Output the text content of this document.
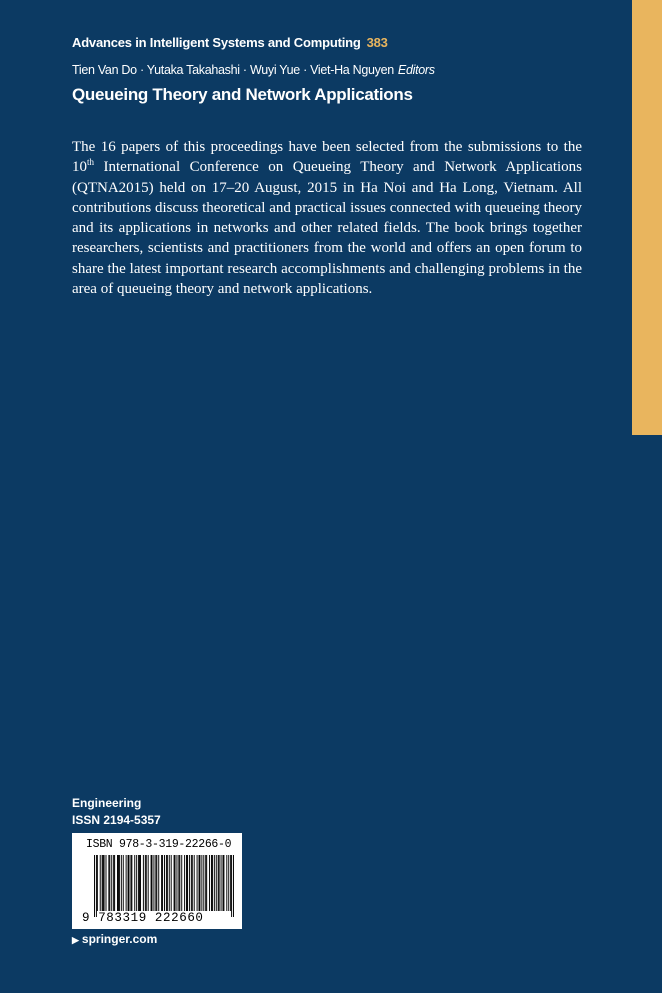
Advances in Intelligent Systems and Computing 383
Tien Van Do · Yutaka Takahashi · Wuyi Yue · Viet-Ha Nguyen Editors
Queueing Theory and Network Applications
The 16 papers of this proceedings have been selected from the submissions to the 10th International Conference on Queueing Theory and Network Applications (QTNA2015) held on 17–20 August, 2015 in Ha Noi and Ha Long, Vietnam. All contributions discuss theoretical and practical issues connected with queueing theory and its applications in networks and other related fields. The book brings together researchers, scientists and practitioners from the world and offers an open forum to share the latest important research accomplishments and challenging problems in the area of queueing theory and network applications.
Engineering
ISSN 2194-5357
ISBN 978-3-319-22266-0
9 783319 222660
▶ springer.com
